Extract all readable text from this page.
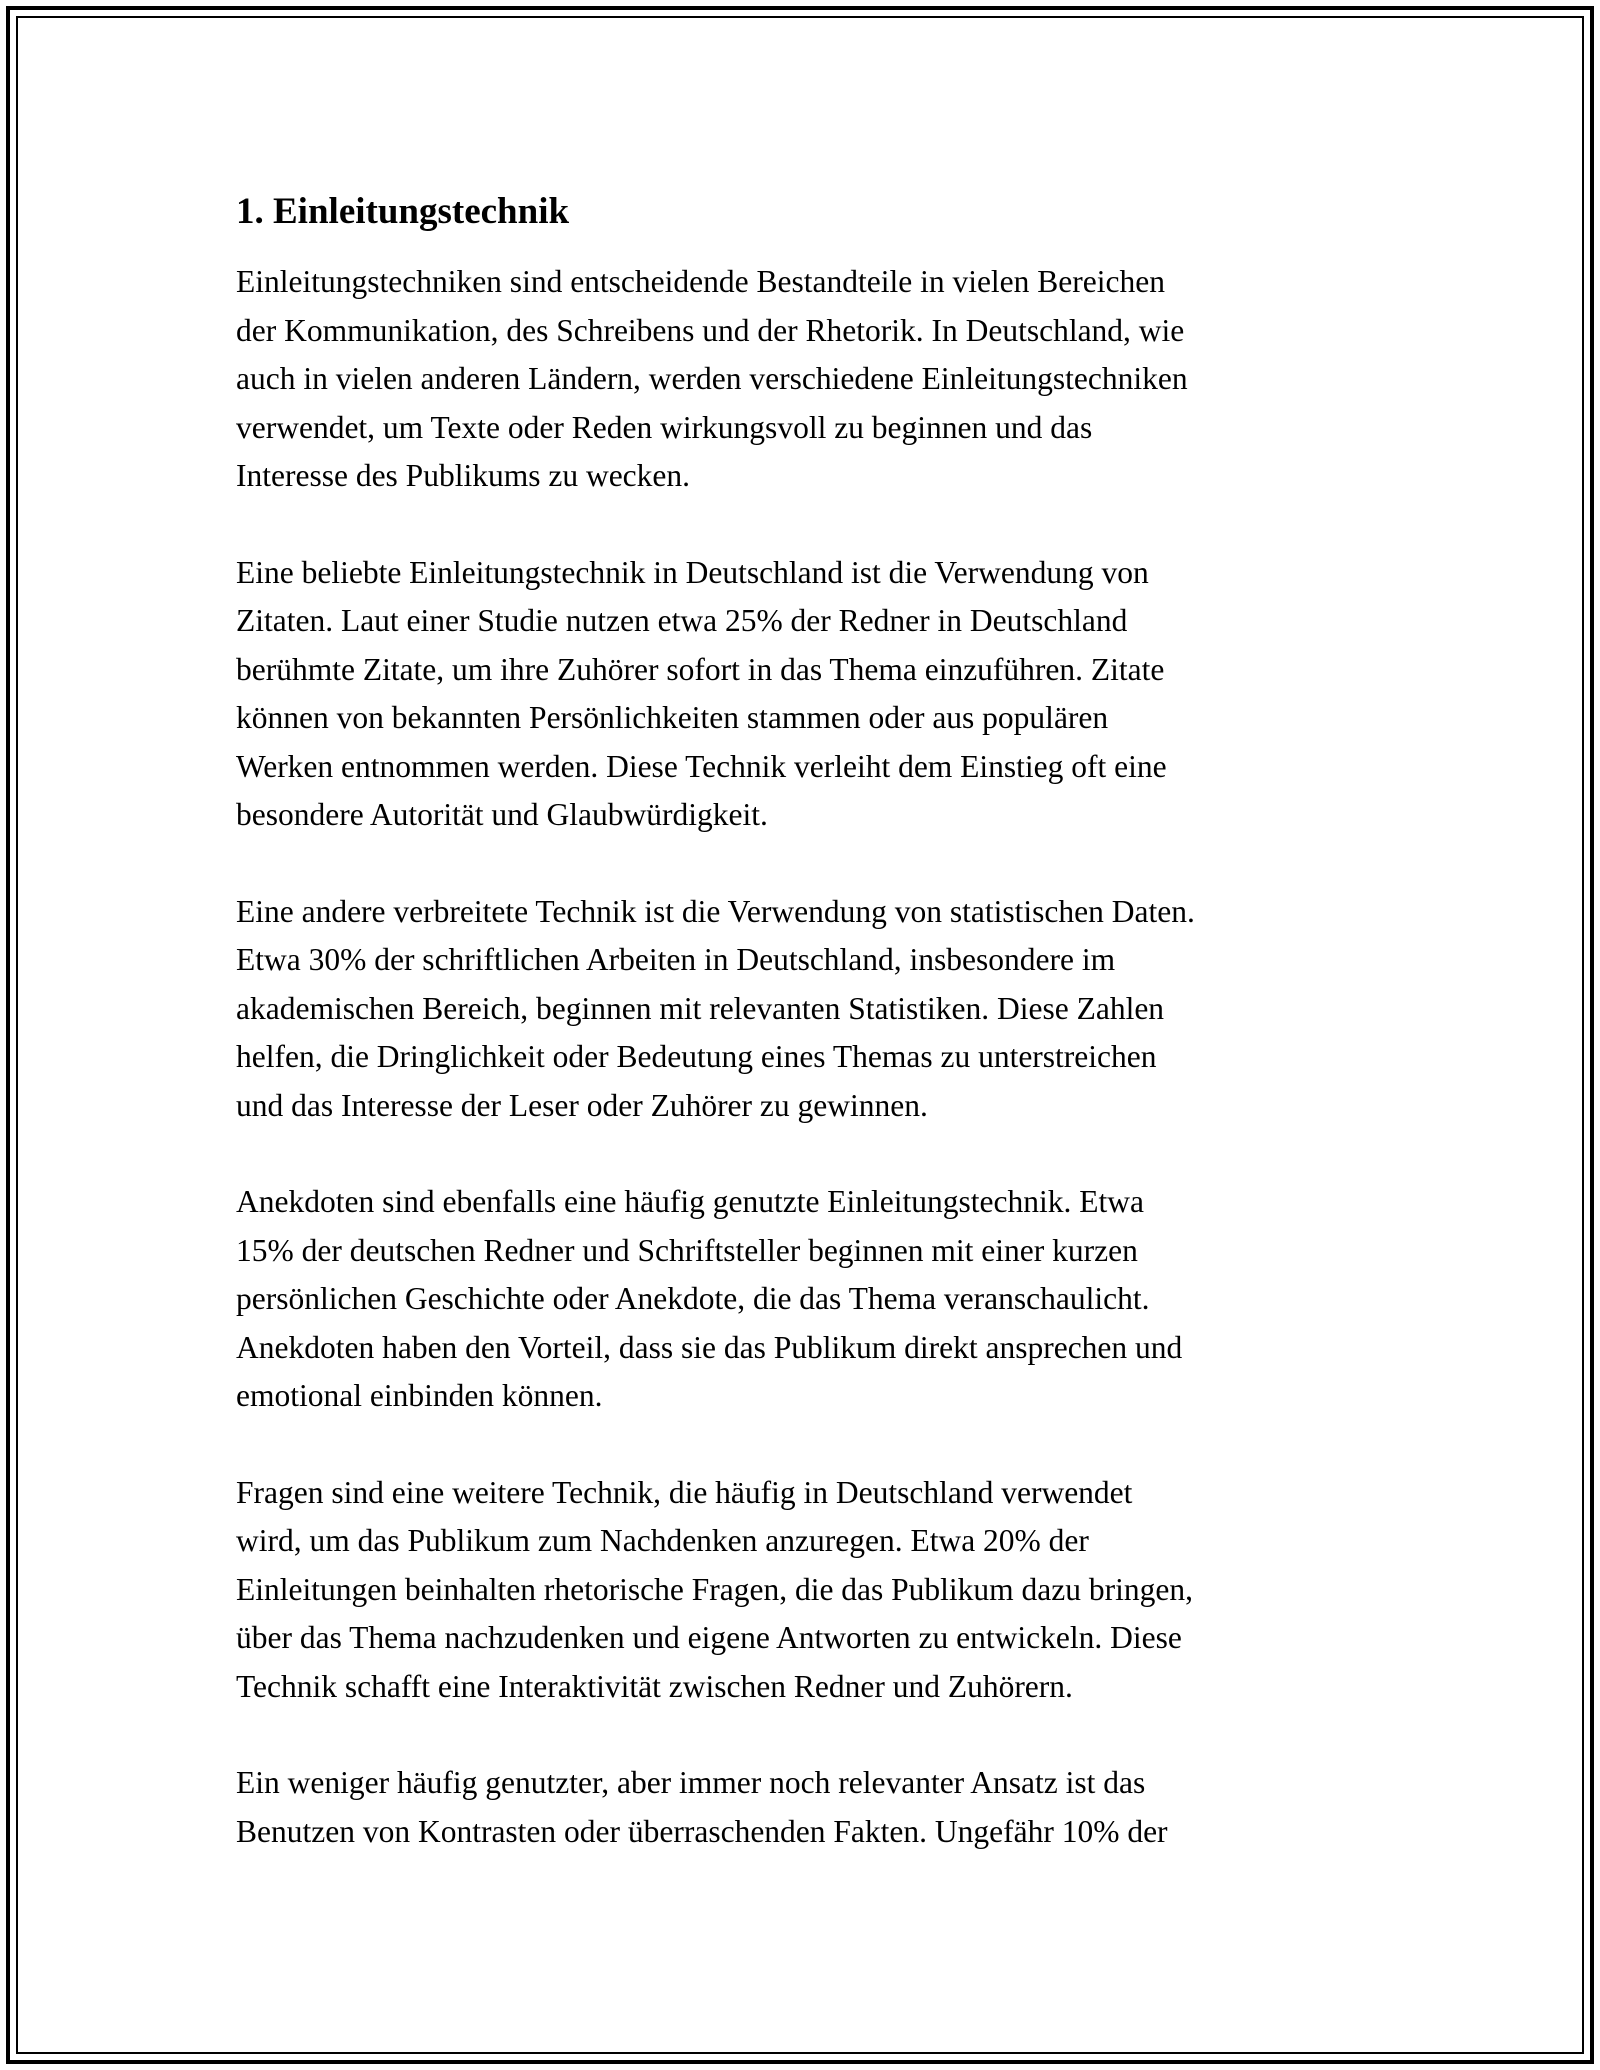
1. Einleitungstechnik

Einleitungstechniken sind entscheidende Bestandteile in vielen Bereichen
der Kommunikation, des Schreibens und der Rhetorik. In Deutschland, wie
auch in vielen anderen Ländern, werden verschiedene Einleitungstechniken
verwendet, um Texte oder Reden wirkungsvoll zu beginnen und das
Interesse des Publikums zu wecken.

Eine beliebte Einleitungstechnik in Deutschland ist die Verwendung von
Zitaten. Laut einer Studie nutzen etwa 25% der Redner in Deutschland
berühmte Zitate, um ihre Zuhörer sofort in das Thema einzuführen. Zitate
können von bekannten Persönlichkeiten stammen oder aus populären
Werken entnommen werden. Diese Technik verleiht dem Einstieg oft eine
besondere Autorität und Glaubwürdigkeit.

Eine andere verbreitete Technik ist die Verwendung von statistischen Daten.
Etwa 30% der schriftlichen Arbeiten in Deutschland, insbesondere im
akademischen Bereich, beginnen mit relevanten Statistiken. Diese Zahlen
helfen, die Dringlichkeit oder Bedeutung eines Themas zu unterstreichen
und das Interesse der Leser oder Zuhörer zu gewinnen.

Anekdoten sind ebenfalls eine häufig genutzte Einleitungstechnik. Etwa
15% der deutschen Redner und Schriftsteller beginnen mit einer kurzen
persönlichen Geschichte oder Anekdote, die das Thema veranschaulicht.
Anekdoten haben den Vorteil, dass sie das Publikum direkt ansprechen und
emotional einbinden können.

Fragen sind eine weitere Technik, die häufig in Deutschland verwendet
wird, um das Publikum zum Nachdenken anzuregen. Etwa 20% der
Einleitungen beinhalten rhetorische Fragen, die das Publikum dazu bringen,
über das Thema nachzudenken und eigene Antworten zu entwickeln. Diese
Technik schafft eine Interaktivität zwischen Redner und Zuhörern.

Ein weniger häufig genutzter, aber immer noch relevanter Ansatz ist das
Benutzen von Kontrasten oder überraschenden Fakten. Ungefähr 10% der
